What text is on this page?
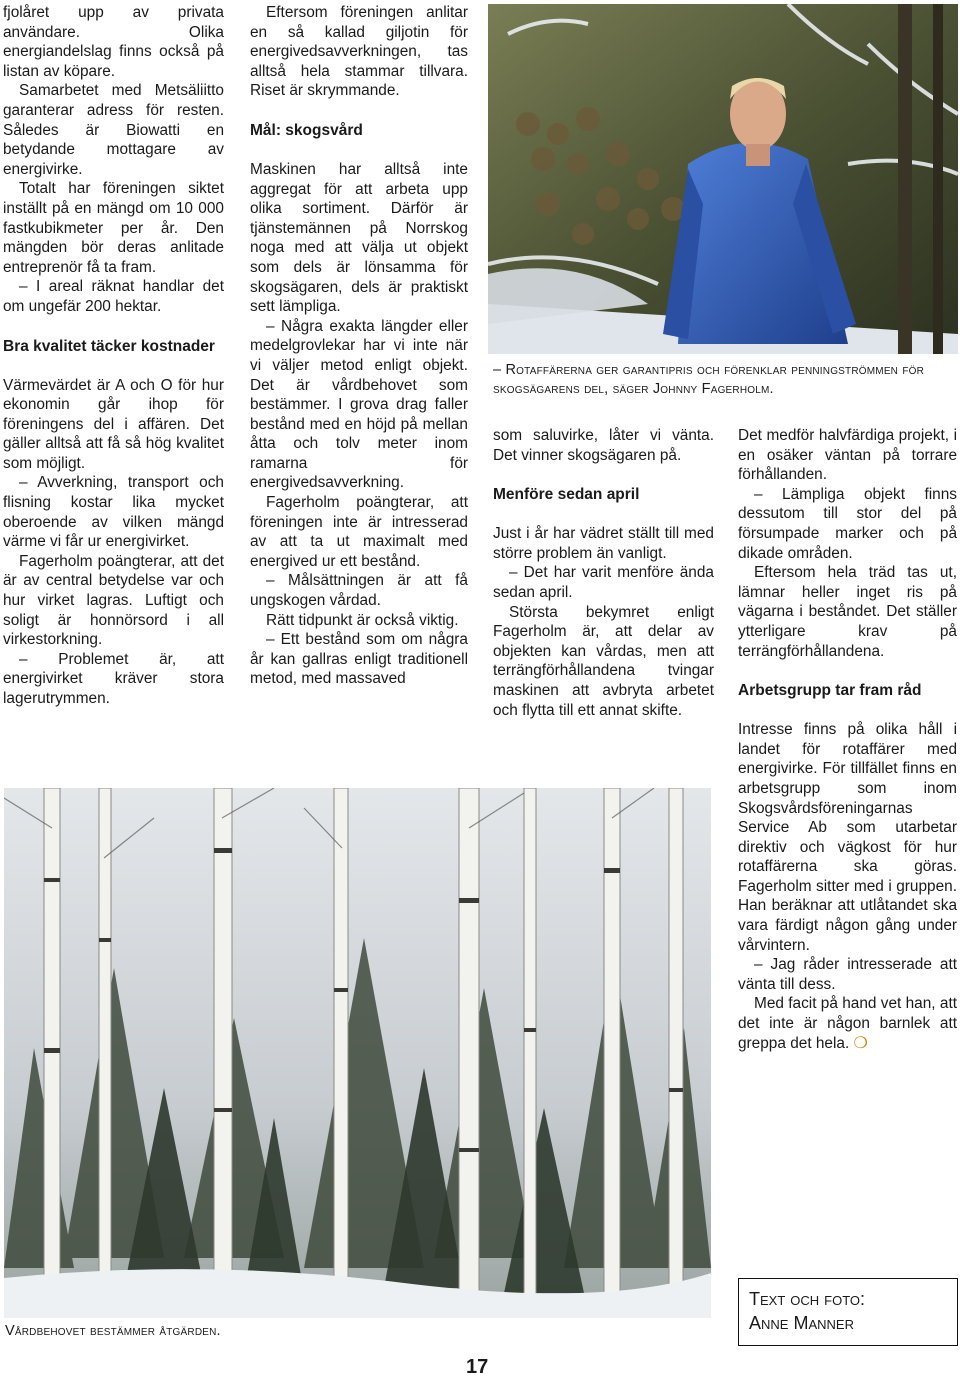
fjolåret upp av privata användare. Olika energiandelslag finns också på listan av köpare.

Samarbetet med Metsäliitto garanterar adress för resten. Således är Biowatti en betydande mottagare av energivirke.

Totalt har föreningen siktet inställt på en mängd om 10 000 fastkubikmeter per år. Den mängden bör deras anlitade entreprenör få ta fram.

– I areal räknat handlar det om ungefär 200 hektar.

Bra kvalitet täcker kostnader

Värmevärdet är A och O för hur ekonomin går ihop för föreningens del i affären. Det gäller alltså att få så hög kvalitet som möjligt.

– Avverkning, transport och flisning kostar lika mycket oberoende av vilken mängd värme vi får ur energivirket.

Fagerholm poängterar, att det är av central betydelse var och hur virket lagras. Luftigt och soligt är honnörsord i all virkestorkning.

– Problemet är, att energivirket kräver stora lagerutrymmen.

Eftersom föreningen anlitar en så kallad giljotin för energivedsavverkningen, tas alltså hela stammar tillvara. Riset är skrymmande.

Mål: skogsvård

Maskinen har alltså inte aggregat för att arbeta upp olika sortiment. Därför är tjänstemännen på Norrskog noga med att välja ut objekt som dels är lönsamma för skogsägaren, dels är praktiskt sett lämpliga.

– Några exakta längder eller medelgrovlekar har vi inte när vi väljer metod enligt objekt. Det är vårdbehovet som bestämmer. I grova drag faller bestånd med en höjd på mellan åtta och tolv meter inom ramarna för energivedsavverkning.

Fagerholm poängterar, att föreningen inte är intresserad av att ta ut maximalt med energived ur ett bestånd.

– Målsättningen är att få ungskogen vårdad.

Rätt tidpunkt är också viktig.

– Ett bestånd som om några år kan gallras enligt traditionell metod, med massaved

– Rotaffärerna ger garantipris och förenklar penningströmmen för skogsägarens del, säger Johnny Fagerholm.

som saluvirke, låter vi vänta. Det vinner skogsägaren på.

Menföre sedan april

Just i år har vädret ställt till med större problem än vanligt.

– Det har varit menföre ända sedan april.

Största bekymret enligt Fagerholm är, att delar av objekten kan vårdas, men att terrängförhållandena tvingar maskinen att avbryta arbetet och flytta till ett annat skifte.

Det medför halvfärdiga projekt, i en osäker väntan på torrare förhållanden.

– Lämpliga objekt finns dessutom till stor del på försumpade marker och på dikade områden.

Eftersom hela träd tas ut, lämnar heller inget ris på vägarna i beståndet. Det ställer ytterligare krav på terrängförhållandena.

Arbetsgrupp tar fram råd

Intresse finns på olika håll i landet för rotaffärer med energivirke. För tillfället finns en arbetsgrupp som inom Skogsvårdsföreningarnas Service Ab som utarbetar direktiv och vägkost för hur rotaffärerna ska göras. Fagerholm sitter med i gruppen. Han beräknar att utlåtandet ska vara färdigt någon gång under vårvintern.

– Jag råder intresserade att vänta till dess.

Med facit på hand vet han, att det inte är någon barnlek att greppa det hela. ❍

Vårdbehovet bestämmer åtgärden.
Text och foto:
Anne Manner
17
